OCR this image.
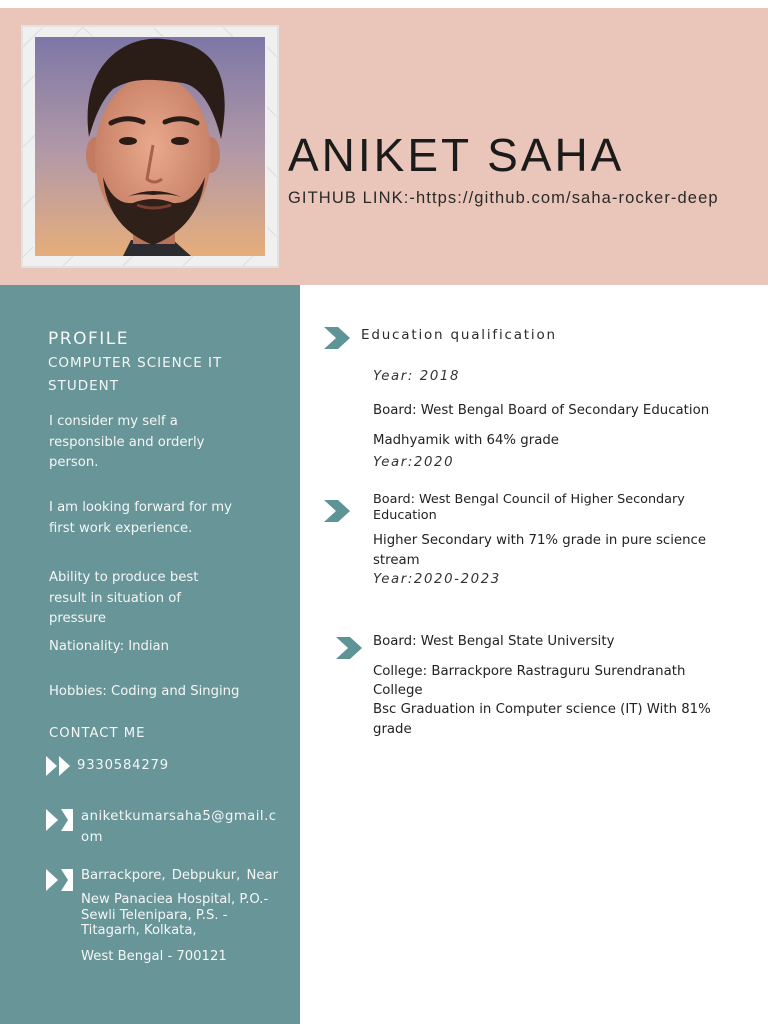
ANIKET SAHA
GITHUB LINK:-https://github.com/saha-rocker-deep
PROFILE
COMPUTER SCIENCE IT STUDENT
I consider my self a responsible and orderly person.
I am looking forward for my first work experience.
Ability to produce best result in situation of pressure
Nationality: Indian
Hobbies: Coding and Singing
CONTACT ME
9330584279
aniketkumarsaha5@gmail.com
Barrackpore, Debpukur, Near
New Panaciea Hospital, P.O.- Sewli Telenipara, P.S. - Titagarh, Kolkata,
West Bengal - 700121
Education qualification
Year: 2018
Board: West Bengal Board of Secondary Education
Madhyamik with 64% grade
Year:2020
Board: West Bengal Council of Higher Secondary Education
Higher Secondary with 71% grade in pure science stream
Year:2020-2023
Board: West Bengal State University
College: Barrackpore Rastraguru Surendranath College
Bsc Graduation in Computer science (IT) With 81% grade
